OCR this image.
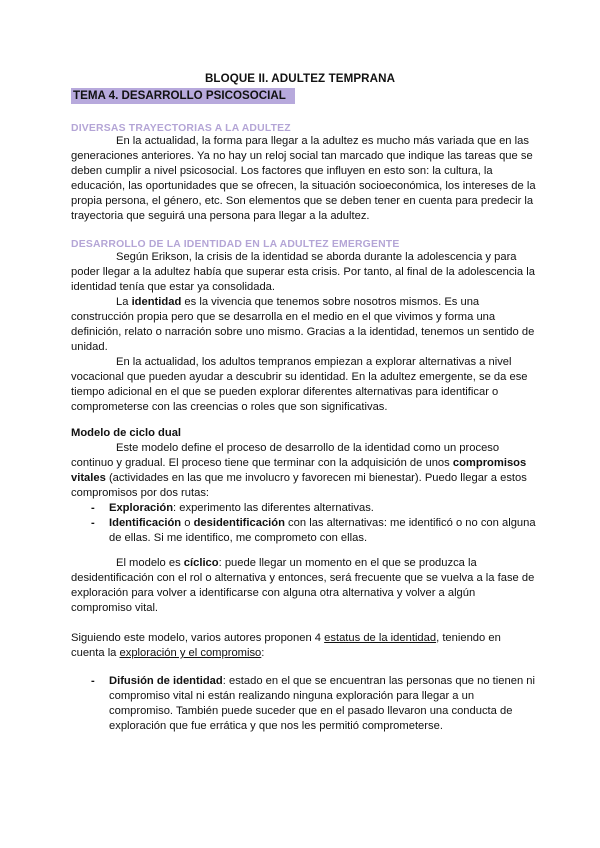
BLOQUE II. ADULTEZ TEMPRANA
TEMA 4. DESARROLLO PSICOSOCIAL
DIVERSAS TRAYECTORIAS A LA ADULTEZ

En la actualidad, la forma para llegar a la adultez es mucho más variada que en las generaciones anteriores. Ya no hay un reloj social tan marcado que indique las tareas que se deben cumplir a nivel psicosocial. Los factores que influyen en esto son: la cultura, la educación, las oportunidades que se ofrecen, la situación socioeconómica, los intereses de la propia persona, el género, etc. Son elementos que se deben tener en cuenta para predecir la trayectoria que seguirá una persona para llegar a la adultez.

DESARROLLO DE LA IDENTIDAD EN LA ADULTEZ EMERGENTE

Según Erikson, la crisis de la identidad se aborda durante la adolescencia y para poder llegar a la adultez había que superar esta crisis. Por tanto, al final de la adolescencia la identidad tenía que estar ya consolidada.

La identidad es la vivencia que tenemos sobre nosotros mismos. Es una construcción propia pero que se desarrolla en el medio en el que vivimos y forma una definición, relato o narración sobre uno mismo. Gracias a la identidad, tenemos un sentido de unidad.

En la actualidad, los adultos tempranos empiezan a explorar alternativas a nivel vocacional que pueden ayudar a descubrir su identidad. En la adultez emergente, se da ese tiempo adicional en el que se pueden explorar diferentes alternativas para identificar o comprometerse con las creencias o roles que son significativas.

Modelo de ciclo dual

Este modelo define el proceso de desarrollo de la identidad como un proceso continuo y gradual. El proceso tiene que terminar con la adquisición de unos compromisos vitales (actividades en las que me involucro y favorecen mi bienestar). Puedo llegar a estos compromisos por dos rutas:

- Exploración: experimento las diferentes alternativas.
- Identificación o desidentificación con las alternativas: me identificó o no con alguna de ellas. Si me identifico, me comprometo con ellas.

El modelo es cíclico: puede llegar un momento en el que se produzca la desidentificación con el rol o alternativa y entonces, será frecuente que se vuelva a la fase de exploración para volver a identificarse con alguna otra alternativa y volver a algún compromiso vital.

Siguiendo este modelo, varios autores proponen 4 estatus de la identidad, teniendo en cuenta la exploración y el compromiso:

- Difusión de identidad: estado en el que se encuentran las personas que no tienen ni compromiso vital ni están realizando ninguna exploración para llegar a un compromiso. También puede suceder que en el pasado llevaron una conducta de exploración que fue errática y que nos les permitió comprometerse.
